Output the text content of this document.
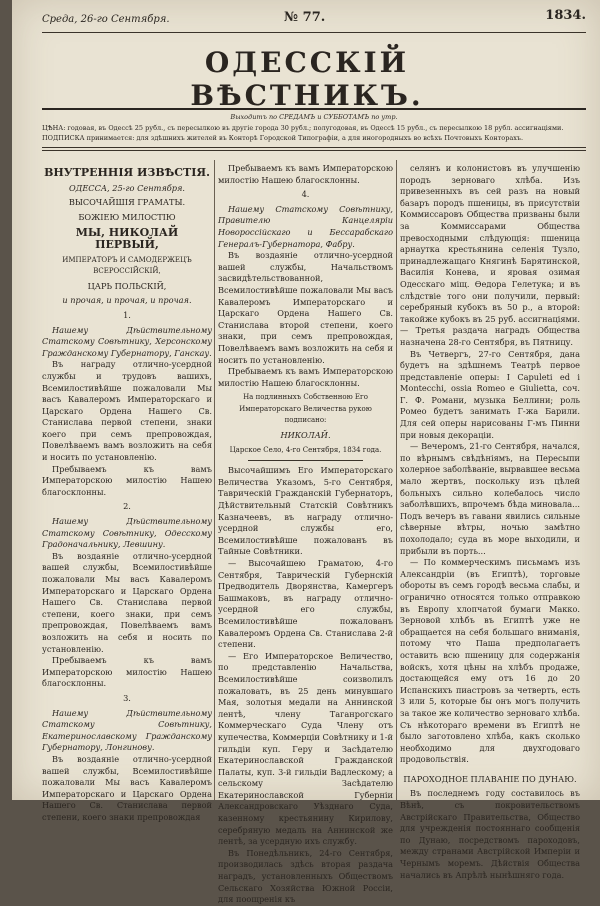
Среда, 26-го Сентября.	№ 77.	1834.
ОДЕССКІЙ ВѢСТНИКЪ.
Выходитъ по СРЕДАМЪ и СУББОТАМЪ по утр.
ЦѢНА: годовая, въ Одессѣ 25 рубл., съ пересылкою въ другіе города 30 рубл.; полугодовая, въ Одессѣ 15 рубл., съ пересылкою 18 рубл. ассигнаціями.
ПОДПИСКА принимается: для здѣшнихъ жителей въ Конторѣ Городской Типографіи, а для иногородныхъ во всѣхъ Почтовыхъ Конторахъ.
ВНУТРЕННІЯ ИЗВѢСТІЯ.
ОДЕССА, 25-го Сентября.
ВЫСОЧАЙШІЯ ГРАМАТЫ.
БОЖІЕЮ МИЛОСТІЮ
МЫ, НИКОЛАЙ ПЕРВЫЙ,
ИМПЕРАТОРЪ И САМОДЕРЖЕЦЪ ВСЕРОССІЙСКІЙ,
ЦАРЬ ПОЛЬСКІЙ,
и прочая, и прочая, и прочая.
1.

Нашему Дѣйствительному Статскому Совѣтнику, Херсонскому Гражданскому Губернатору, Ганскау.

Въ награду отлично-усердной службы и трудовъ вашихъ, Всемилостивѣйше пожаловали Мы васъ Кавалеромъ Императорскаго и Царскаго Ордена Нашего Св. Станислава первой степени, знаки коего при семъ препровождая, Повелѣваемъ вамъ возложить на себя и носить по установленію.

Пребываемъ къ вамъ Императорскою милостію Нашею благосклонны.

2.

Нашему Дѣйствительному Статскому Совѣтнику, Одесскому Градоначальнику, Левшину.

Въ воздаяніе отлично-усердной вашей службы, Всемилостивѣйше пожаловали Мы васъ Кавалеромъ Императорскаго и Царскаго Ордена Нашего Св. Станислава первой степени, коего знаки, при семъ препровождая, Повелѣваемъ вамъ возложить на себя и носить по установленію.

Пребываемъ къ вамъ Императорскою милостію Нашею благосклонны.

3.

Нашему Дѣйствительному Статскому Совѣтнику, Екатеринославскому Гражданскому Губернатору, Лонгинову.

Въ воздаяніе отлично-усердной вашей службы, Всемилостивѣйше пожаловали Мы васъ Кавалеромъ Императорскаго и Царскаго Ордена Нашего Св. Станислава первой степени, коего знаки препровождая

Пребываемъ къ вамъ Императорскою милостію Нашею благосклонны.

4.

Нашему Статскому Совѣтнику, Правителю Канцеляріи Новороссійскаго и Бессарабскаго Генералъ-Губернатора, Фабру.

Въ воздаяніе отлично-усердной вашей службы, Начальствомъ засвидѣтельствованной, Всемилостивѣйше пожаловали Мы васъ Кавалеромъ Императорскаго и Царскаго Ордена Нашего Св. Станислава второй степени, коего знаки, при семъ препровождая, Повелѣваемъ вамъ возложить на себя и носить по установленію.

Пребываемъ къ вамъ Императорскою милостію Нашею благосклонны.

На подлинныхъ Собственною Его Императорскаго Величества рукою подписано:
НИКОЛАЙ.
Царское Село, 4-го Сентября, 1834 года.

Высочайшимъ Его Императорскаго Величества Указомъ, 5-го Сентября, Таврическій Гражданскій Губернаторъ, Дѣйствительный Статскій Совѣтникъ Казначеевъ, въ награду отлично-усердной службы его, Всемилостивѣйше пожалованъ въ Тайные Совѣтники.

— Высочайшею Граматою, 4-го Сентября, Таврическій Губернскій Предводитель Дворянства, Камергеръ Башмаковъ, въ награду отлично-усердной его службы, Всемилостивѣйше пожалованъ Кавалеромъ Ордена Св. Станислава 2-й степени.

— Его Императорское Величество, по представленію Начальства, Всемилостивѣйше соизволилъ пожаловать, въ 25 день минувшаго Мая, золотыя медали на Аннинской лентѣ, члену Таганрогскаго Коммерческаго Суда Члену отъ купечества, Коммерціи Совѣтнику и 1-й гильдіи куп. Геру и Засѣдателю Екатеринославской Гражданской Палаты, куп. 3-й гильдіи Вадлескому; а сельскому Засѣдателю Екатеринославской Губерніи Александровскаго Уѣзднаго Суда, казенному крестьянину Кирилову, серебряную медаль на Аннинской же лентѣ, за усердную ихъ службу.

Въ Понедѣльникъ, 24-го Сентября, производилась здѣсь вторая раздача наградъ, установленныхъ Обществомъ Сельскаго Хозяйства Южной Россіи, для поощренія къ

селянъ и колонистовъ въ улучшенію породъ зерноваго хлѣба. Изъ привезенныхъ въ сей разъ на новый базаръ породъ пшеницы, въ присутствіи Коммиссаровъ Общества призваны были за Коммиссарами Общества превосходными слѣдующія: пшеница арнаутка крестьянина селенія Тузло, принадлежащаго Княгинѣ Барятинской, Василія Конева, и яровая озимая Одесскаго міщ. Ѳедора Гелетука; и въ слѣдствіе того они получили, первый: серебряный кубокъ въ 50 р., а второй: такойже кубокъ въ 25 руб. ассигнаціями. — Третья раздача наградъ Общества назначена 28-го Сентября, въ Пятницу.

Въ Четвергъ, 27-го Сентября, дана будетъ на здѣшнемъ Театрѣ первое представленіе оперы: I Capuleti ed i Montecchi, ossia Romeo e Giulietta, соч. Г. Ф. Романи, музыка Беллини; роль Ромео будетъ занимать Г-жа Барили. Для сей оперы нарисованы Г-мъ Пинни при новыя декораціи.

— Вечеромъ, 21-го Сентября, начался, по вѣрнымъ свѣдѣніямъ, на Пересыпи холерное заболѣваніе, вырвавшее весьма мало жертвъ, поскольку изъ цѣлей больныхъ сильно колебалось число заболѣвшихъ, впрочемъ бѣда миновала... Подъ вечеръ въ гавани явились сильные сѣверные вѣтры, ночью замѣтно похолодало; суда въ море выходили, и прибыли въ порть...

— По коммерческимъ письмамъ изъ Александріи (въ Египтѣ), торговые обороты въ семъ городѣ весьма слабы, и огранично относятся только отправкою въ Европу хлопчатой бумаги Макко. Зерновой хлѣбъ въ Египтѣ уже не обращается на себя большаго вниманія, потому что Паша предполагаетъ оставить всю пшеницу для содержанія войскъ, хотя цѣны на хлѣбъ продаже, достающейся ему отъ 16 до 20 Испанскихъ пиастровъ за четверть, есть 3 или 5, которые бы онъ могъ получить за такое же количество зерноваго хлѣба. Съ нѣкотораго времени въ Египтѣ не было заготовлено хлѣба, какъ сколько необходимо для двухгодоваго продовольствія.

ПАРОХОДНОЕ ПЛАВАНІЕ ПО ДУНАЮ.

Въ последнемъ году составилось въ Вѣнѣ, съ покровительствомъ Австрійскаго Правительства, Общество для учрежденія постояннаго сообщенія по Дунаю, посредствомъ пароходовъ, между странами Австрійской Имперіи и Чернымъ моремъ. Дѣйствія Общества начались въ Апрѣлѣ нынѣшняго года.
